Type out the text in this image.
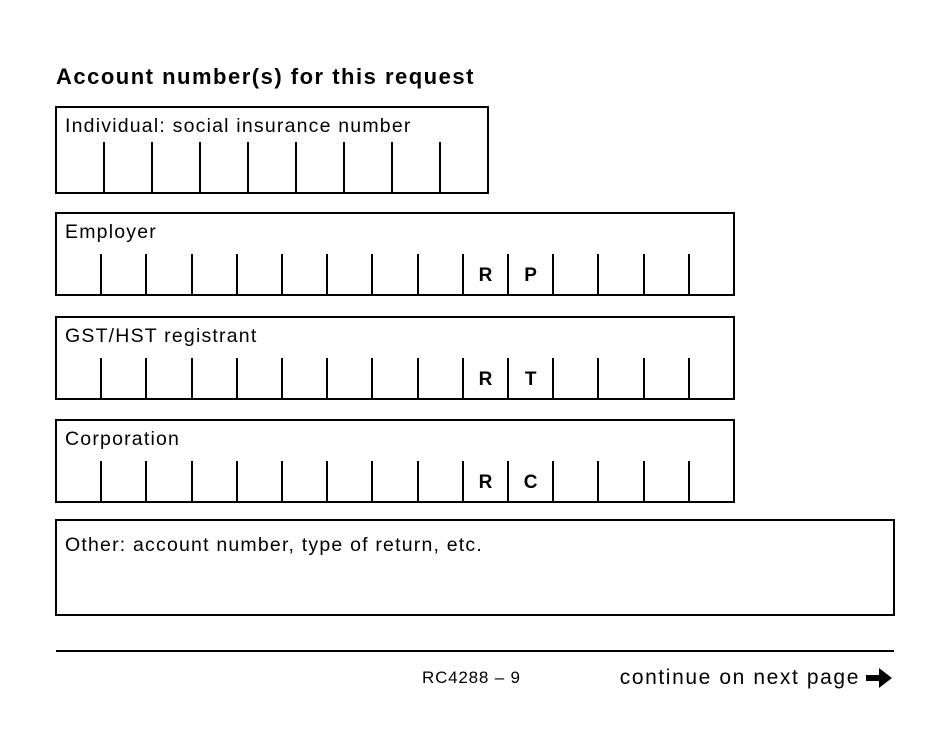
Account number(s) for this request
Individual: social insurance number
Employer
R	P
GST/HST registrant
R	T
Corporation
R	C
Other: account number, type of return, etc.
RC4288 – 9	continue on next page
